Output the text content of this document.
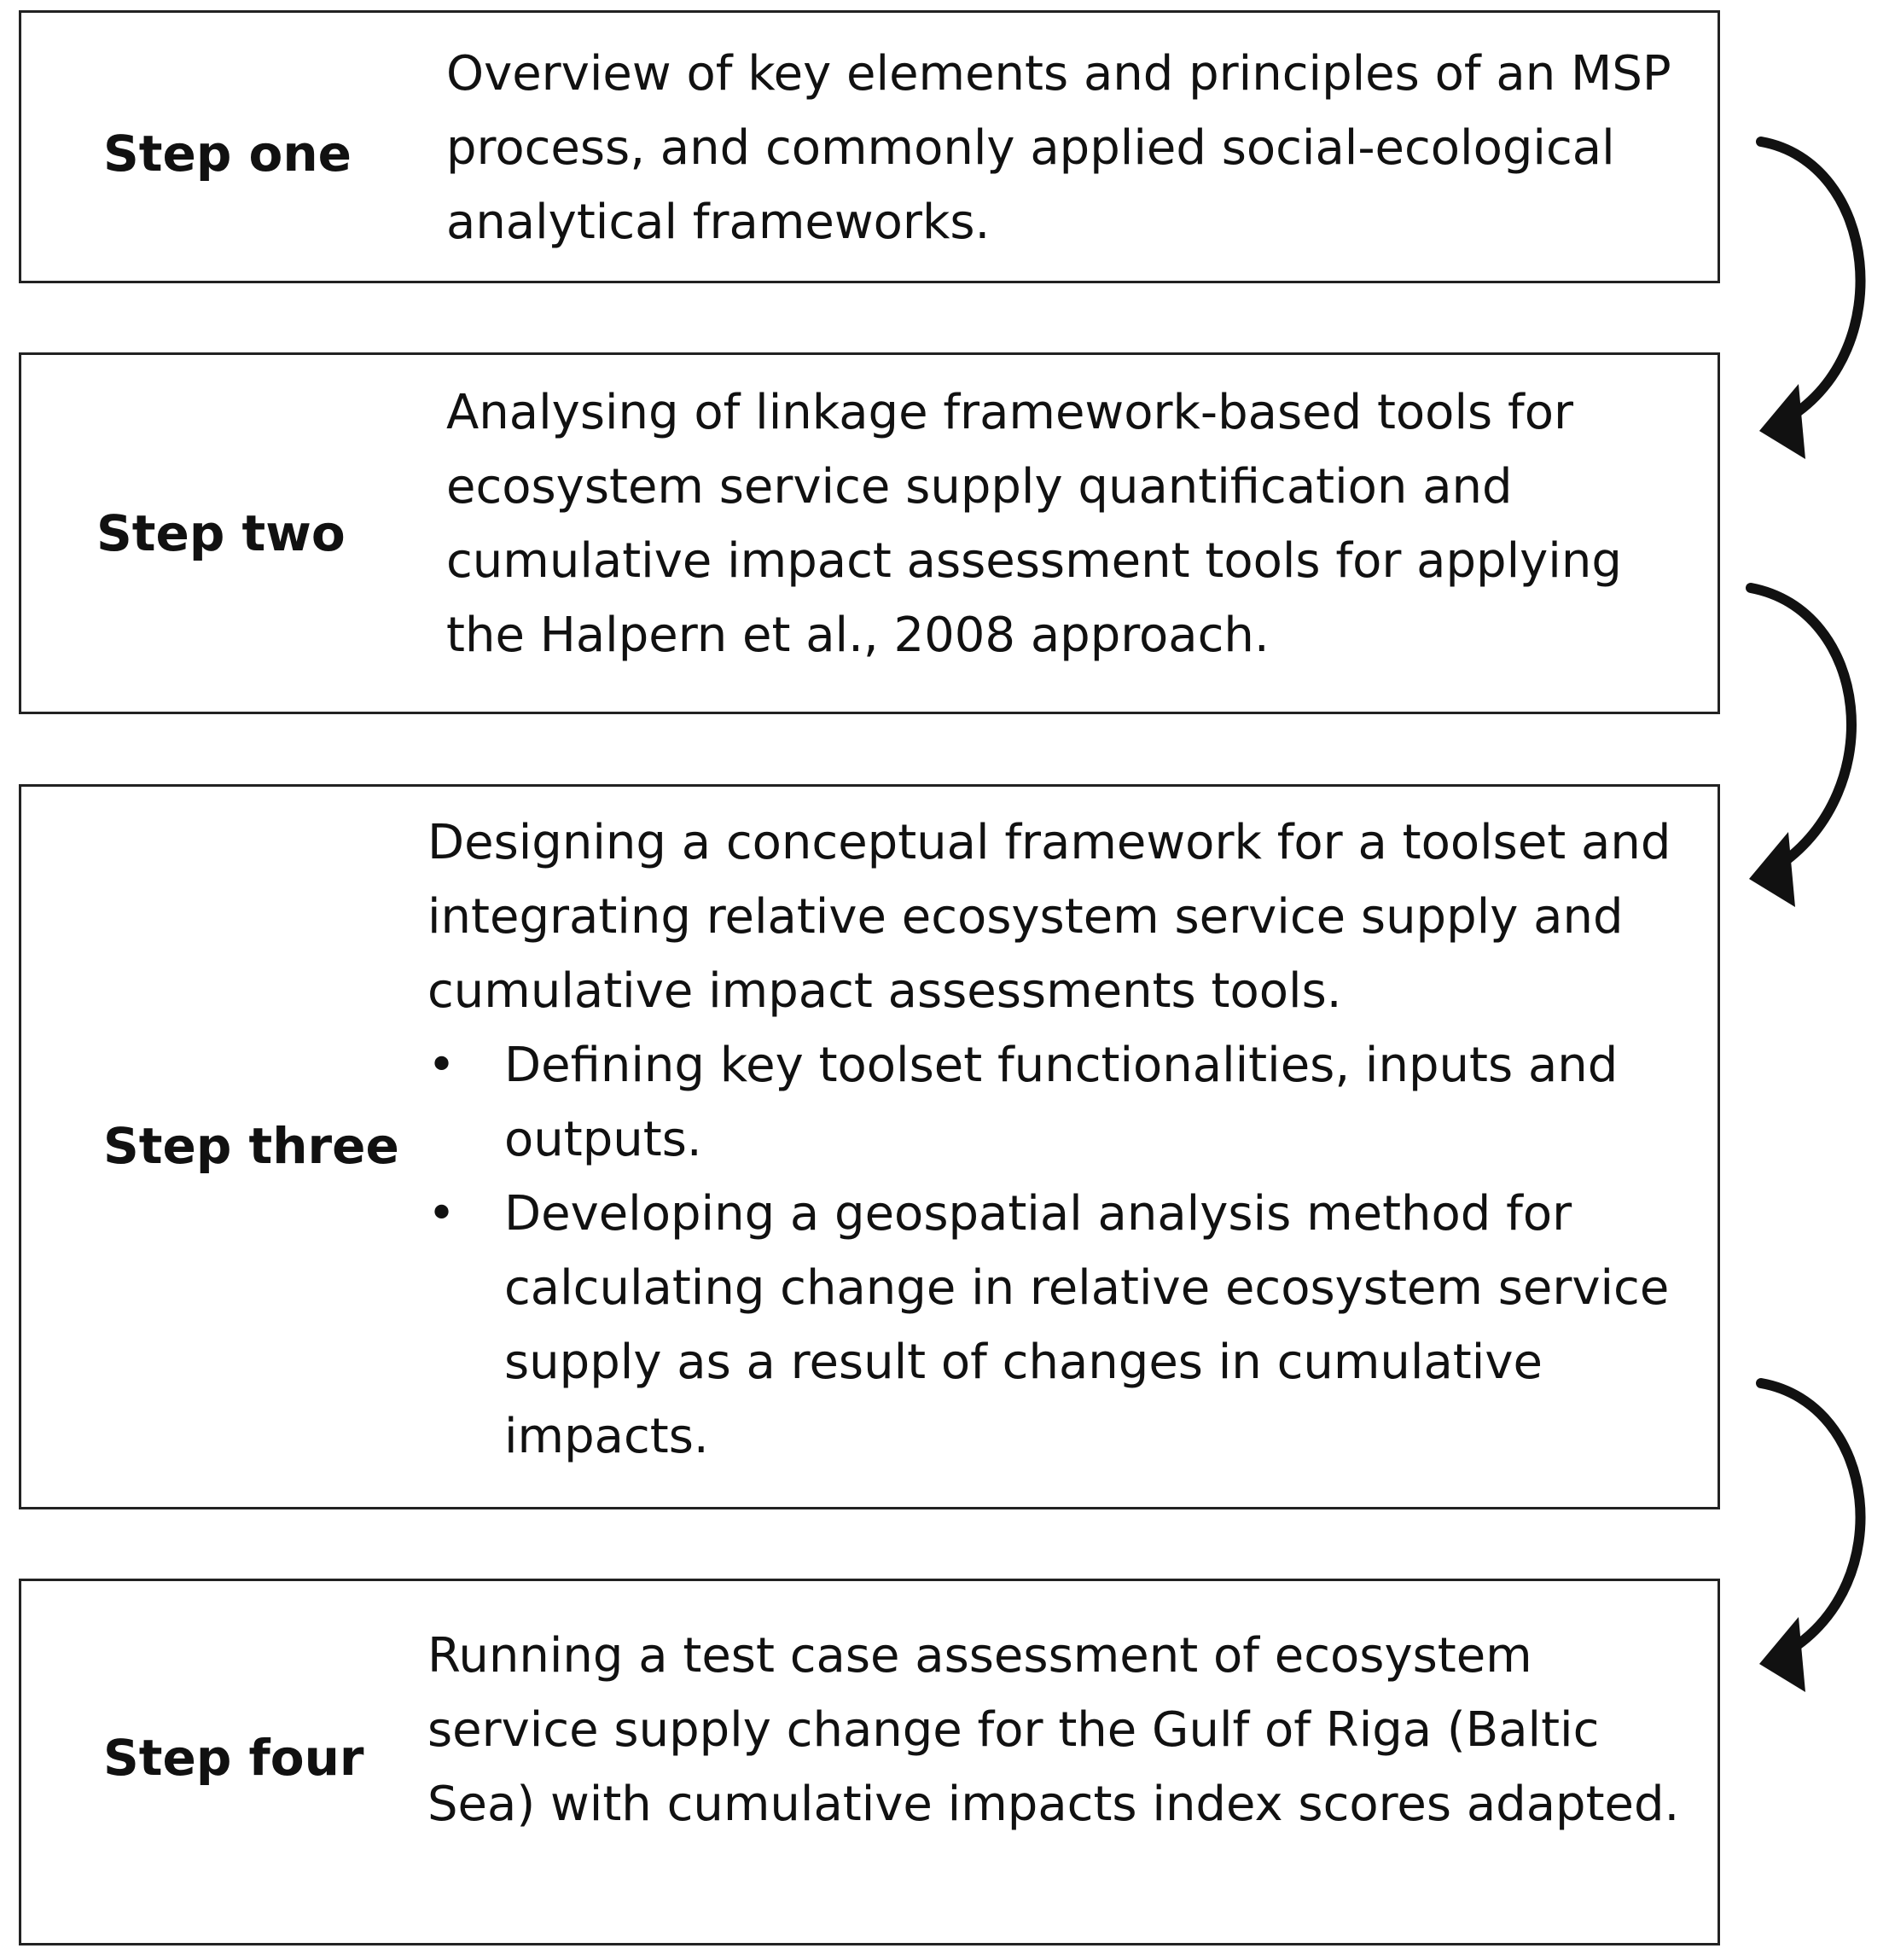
Step one

Overview of key elements and principles of an MSP process, and commonly applied social-ecological analytical frameworks.

Step two

Analysing of linkage framework-based tools for ecosystem service supply quantification and cumulative impact assessment tools for applying the Halpern et al., 2008 approach.

Step three

Designing a conceptual framework for a toolset and integrating relative ecosystem service supply and cumulative impact assessments tools.

• Defining key toolset functionalities, inputs and outputs.
• Developing a geospatial analysis method for calculating change in relative ecosystem service supply as a result of changes in cumulative impacts.
Step four

Running a test case assessment of ecosystem service supply change for the Gulf of Riga (Baltic Sea) with cumulative impacts index scores adapted.
